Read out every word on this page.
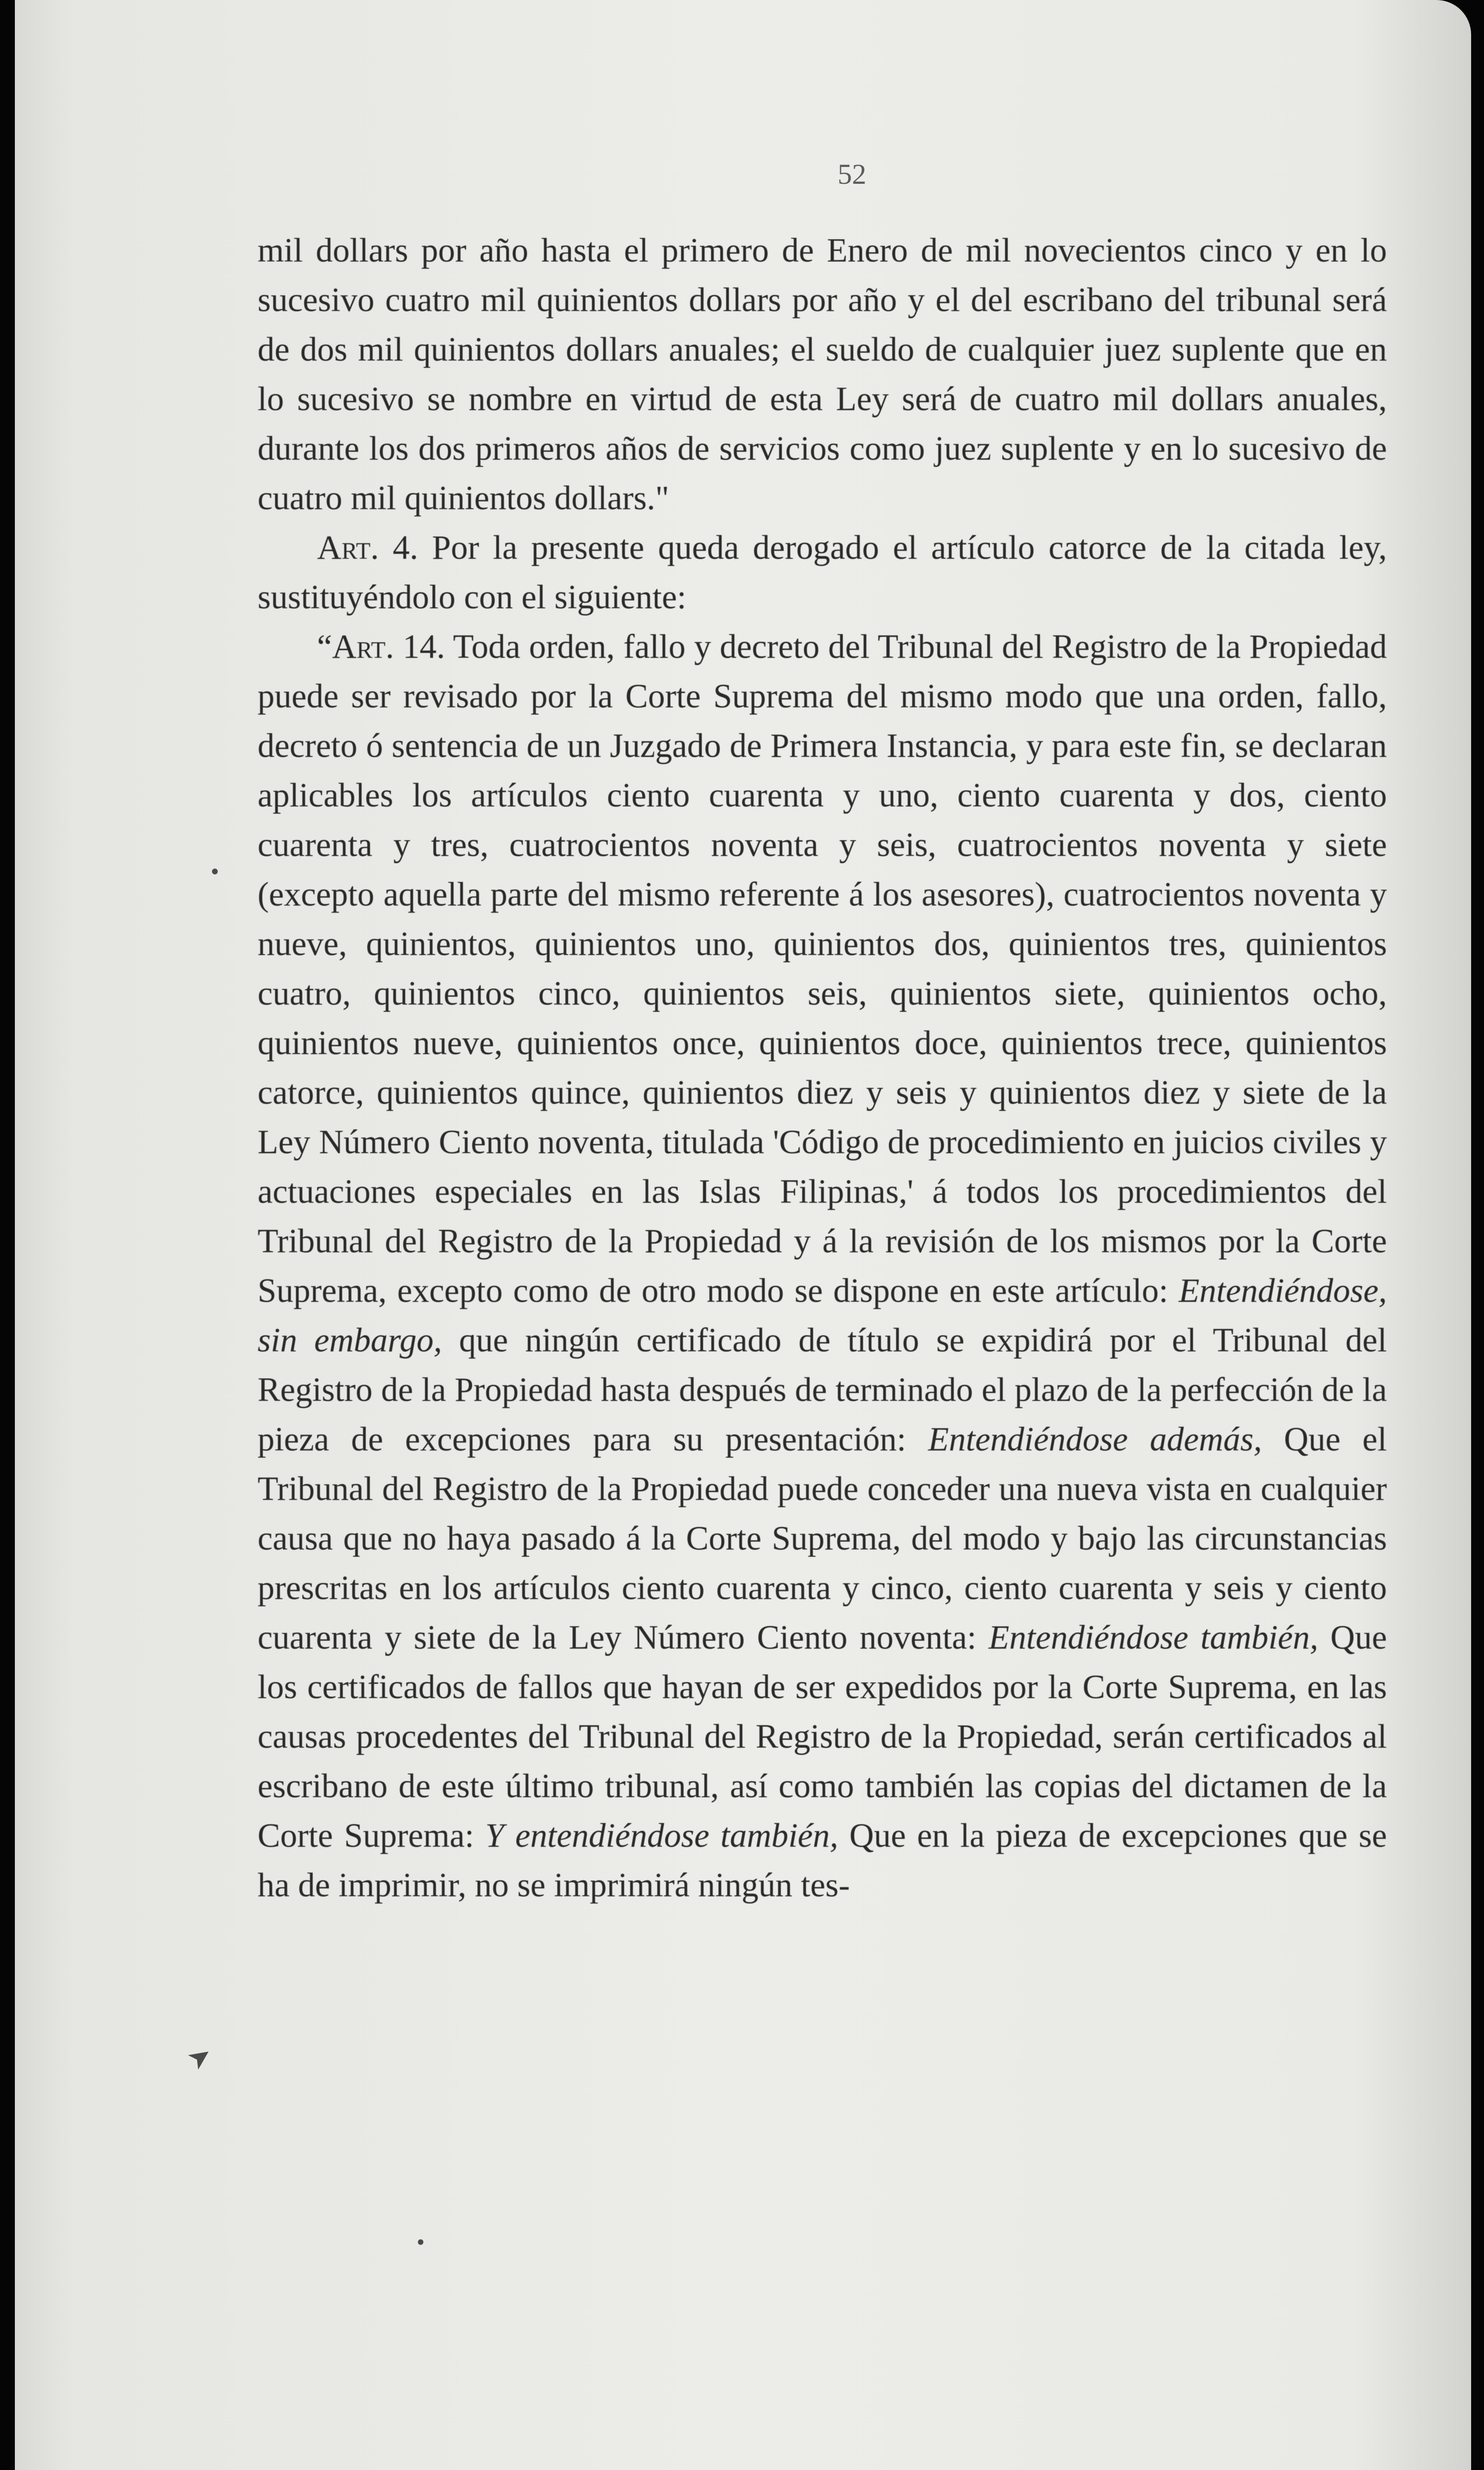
52

mil dollars por año hasta el primero de Enero de mil novecientos cinco y en lo sucesivo cuatro mil quinientos dollars por año y el del escribano del tribunal será de dos mil quinientos dollars anuales; el sueldo de cualquier juez suplente que en lo sucesivo se nombre en virtud de esta Ley será de cuatro mil dollars anuales, durante los dos primeros años de servicios como juez suplente y en lo sucesivo de cuatro mil quinientos dollars."

Art. 4. Por la presente queda derogado el artículo catorce de la citada ley, sustituyéndolo con el siguiente:

“Art. 14. Toda orden, fallo y decreto del Tribunal del Registro de la Propiedad puede ser revisado por la Corte Suprema del mismo modo que una orden, fallo, decreto ó sentencia de un Juzgado de Primera Instancia, y para este fin, se declaran aplicables los artículos ciento cuarenta y uno, ciento cuarenta y dos, ciento cuarenta y tres, cuatrocientos noventa y seis, cuatrocientos noventa y siete (excepto aquella parte del mismo referente á los asesores), cuatrocientos noventa y nueve, quinientos, quinientos uno, quinientos dos, quinientos tres, quinientos cuatro, quinientos cinco, quinientos seis, quinientos siete, quinientos ocho, quinientos nueve, quinientos once, quinientos doce, quinientos trece, quinientos catorce, quinientos quince, quinientos diez y seis y quinientos diez y siete de la Ley Número Ciento noventa, titulada 'Código de procedimiento en juicios civiles y actuaciones especiales en las Islas Filipinas,' á todos los procedimientos del Tribunal del Registro de la Propiedad y á la revisión de los mismos por la Corte Suprema, excepto como de otro modo se dispone en este artículo: Entendiéndose, sin embargo, que ningún certificado de título se expidirá por el Tribunal del Registro de la Propiedad hasta después de terminado el plazo de la perfección de la pieza de excepciones para su presentación: Entendiéndose además, Que el Tribunal del Registro de la Propiedad puede conceder una nueva vista en cualquier causa que no haya pasado á la Corte Suprema, del modo y bajo las circunstancias prescritas en los artículos ciento cuarenta y cinco, ciento cuarenta y seis y ciento cuarenta y siete de la Ley Número Ciento noventa: Entendiéndose también, Que los certificados de fallos que hayan de ser expedidos por la Corte Suprema, en las causas procedentes del Tribunal del Registro de la Propiedad, serán certificados al escribano de este último tribunal, así como también las copias del dictamen de la Corte Suprema: Y entendiéndose también, Que en la pieza de excepciones que se ha de imprimir, no se imprimirá ningún tes-

•
➤
•
